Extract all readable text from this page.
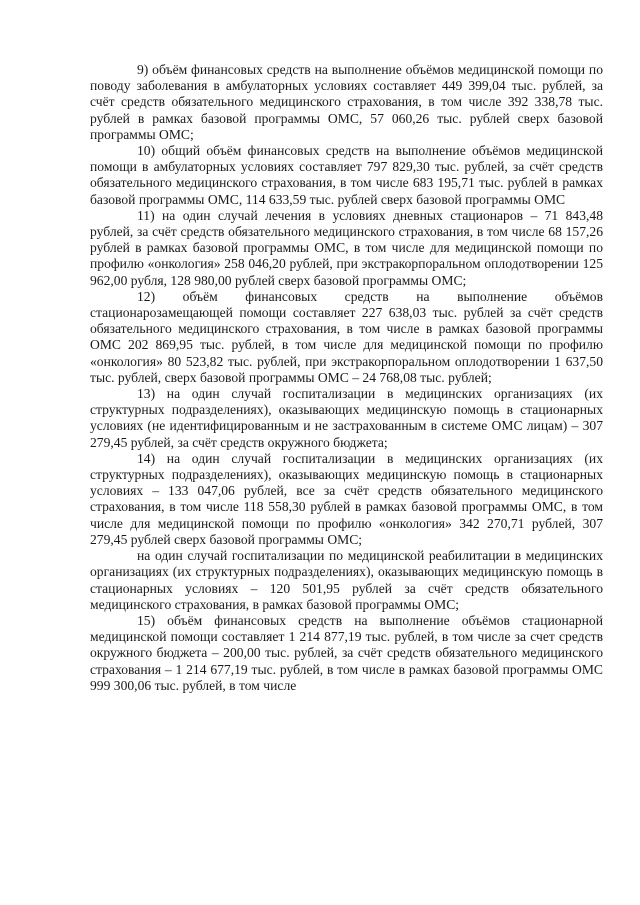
9) объём финансовых средств на выполнение объёмов медицинской помощи по поводу заболевания в амбулаторных условиях составляет 449 399,04 тыс. рублей, за счёт средств обязательного медицинского страхования, в том числе 392 338,78 тыс. рублей в рамках базовой программы ОМС, 57 060,26 тыс. рублей сверх базовой программы ОМС;

10) общий объём финансовых средств на выполнение объёмов медицинской помощи в амбулаторных условиях составляет 797 829,30 тыс. рублей, за счёт средств обязательного медицинского страхования, в том числе 683 195,71 тыс. рублей в рамках базовой программы ОМС, 114 633,59 тыс. рублей сверх базовой программы ОМС

11) на один случай лечения в условиях дневных стационаров – 71 843,48 рублей, за счёт средств обязательного медицинского страхования, в том числе 68 157,26 рублей в рамках базовой программы ОМС, в том числе для медицинской помощи по профилю «онкология» 258 046,20 рублей, при экстракорпоральном оплодотворении 125 962,00 рубля, 128 980,00 рублей сверх базовой программы ОМС;

12) объём финансовых средств на выполнение объёмов стационарозамещающей помощи составляет 227 638,03 тыс. рублей за счёт средств обязательного медицинского страхования, в том числе в рамках базовой программы ОМС 202 869,95 тыс. рублей, в том числе для медицинской помощи по профилю «онкология» 80 523,82 тыс. рублей, при экстракорпоральном оплодотворении 1 637,50 тыс. рублей, сверх базовой программы ОМС – 24 768,08 тыс. рублей;

13) на один случай госпитализации в медицинских организациях (их структурных подразделениях), оказывающих медицинскую помощь в стационарных условиях (не идентифицированным и не застрахованным в системе ОМС лицам) – 307 279,45 рублей, за счёт средств окружного бюджета;

14) на один случай госпитализации в медицинских организациях (их структурных подразделениях), оказывающих медицинскую помощь в стационарных условиях – 133 047,06 рублей, все за счёт средств обязательного медицинского страхования, в том числе 118 558,30 рублей в рамках базовой программы ОМС, в том числе для медицинской помощи по профилю «онкология» 342 270,71 рублей, 307 279,45 рублей сверх базовой программы ОМС;

на один случай госпитализации по медицинской реабилитации в медицинских организациях (их структурных подразделениях), оказывающих медицинскую помощь в стационарных условиях – 120 501,95 рублей за счёт средств обязательного медицинского страхования, в рамках базовой программы ОМС;

15) объём финансовых средств на выполнение объёмов стационарной медицинской помощи составляет 1 214 877,19 тыс. рублей, в том числе за счет средств окружного бюджета – 200,00 тыс. рублей, за счёт средств обязательного медицинского страхования – 1 214 677,19 тыс. рублей, в том числе в рамках базовой программы ОМС 999 300,06 тыс. рублей, в том числе
